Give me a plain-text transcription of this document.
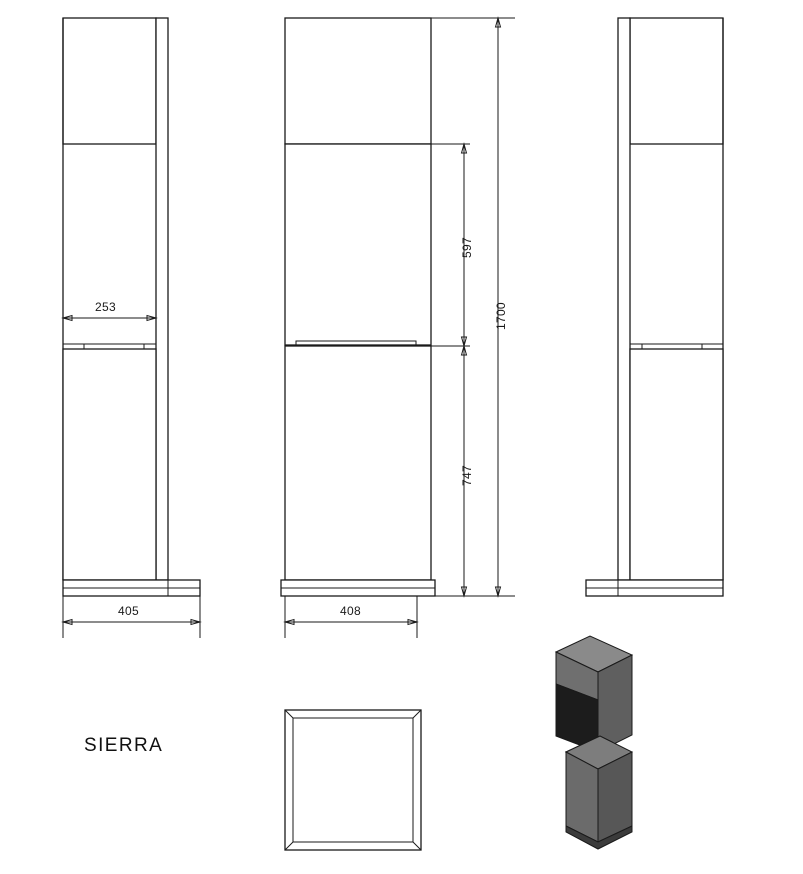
253
405	408
597
747
1700
SIERRA
